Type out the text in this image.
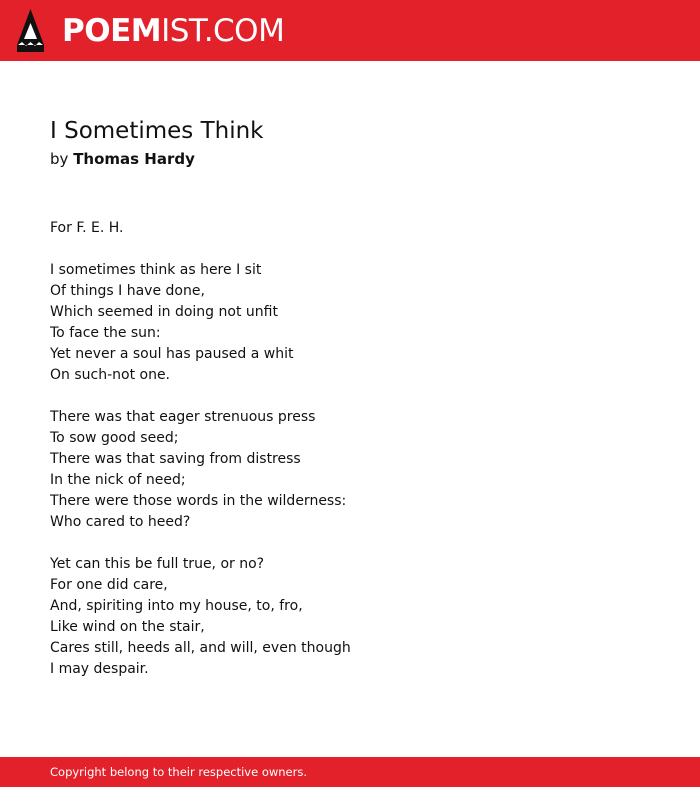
POEMIST.COM
I Sometimes Think
by Thomas Hardy
For F. E. H.
I sometimes think as here I sit
Of things I have done,
Which seemed in doing not unfit
To face the sun:
Yet never a soul has paused a whit
On such-not one.
There was that eager strenuous press
To sow good seed;
There was that saving from distress
In the nick of need;
There were those words in the wilderness:
Who cared to heed?
Yet can this be full true, or no?
For one did care,
And, spiriting into my house, to, fro,
Like wind on the stair,
Cares still, heeds all, and will, even though
I may despair.
Copyright belong to their respective owners.
